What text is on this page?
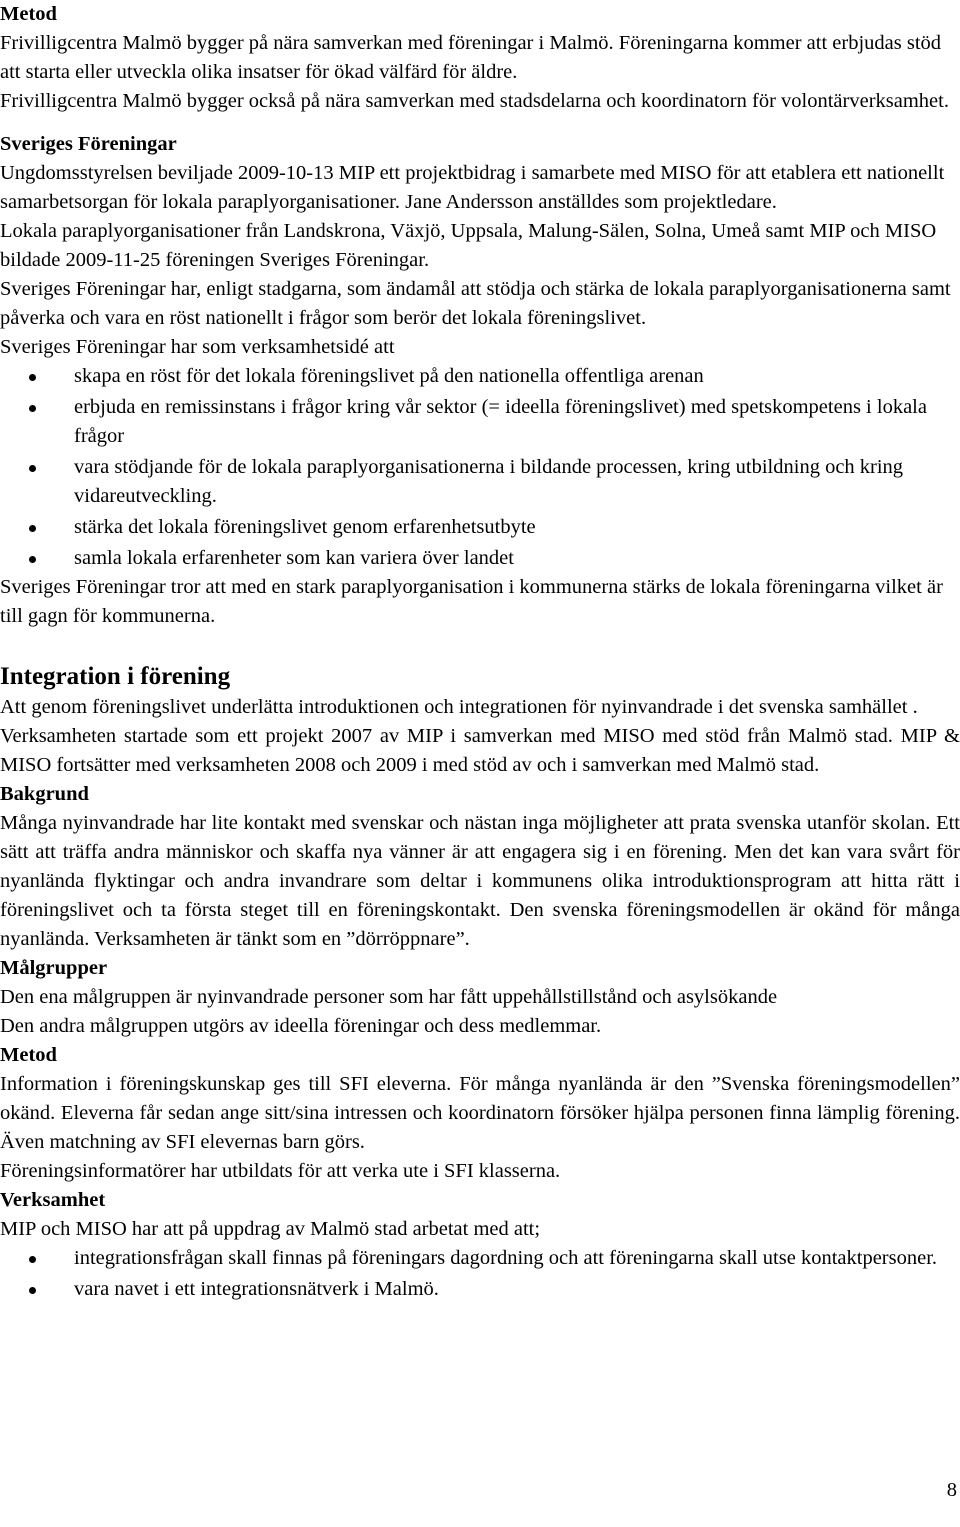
Metod

Frivilligcentra Malmö bygger på nära samverkan med föreningar i Malmö. Föreningarna kommer att erbjudas stöd att starta eller utveckla olika insatser för ökad välfärd för äldre.

Frivilligcentra Malmö bygger också på nära samverkan med stadsdelarna och koordinatorn för volontärverksamhet.

Sveriges Föreningar

Ungdomsstyrelsen beviljade 2009-10-13 MIP ett projektbidrag i samarbete med MISO för att etablera ett nationellt samarbetsorgan för lokala paraplyorganisationer. Jane Andersson anställdes som projektledare.

Lokala paraplyorganisationer från Landskrona, Växjö, Uppsala, Malung-Sälen, Solna, Umeå samt MIP och MISO bildade 2009-11-25 föreningen Sveriges Föreningar.

Sveriges Föreningar har, enligt stadgarna, som ändamål att stödja och stärka de lokala paraplyorganisationerna samt påverka och vara en röst nationellt i frågor som berör det lokala föreningslivet.

Sveriges Föreningar har som verksamhetsidé att

skapa en röst för det lokala föreningslivet på den nationella offentliga arenan
erbjuda en remissinstans i frågor kring vår sektor (= ideella föreningslivet) med spetskompetens i lokala frågor
vara stödjande för de lokala paraplyorganisationerna i bildande processen, kring utbildning och kring vidareutveckling.
stärka det lokala föreningslivet genom erfarenhetsutbyte
samla lokala erfarenheter som kan variera över landet

Sveriges Föreningar tror att med en stark paraplyorganisation i kommunerna stärks de lokala föreningarna vilket är till gagn för kommunerna.

Integration i förening

Att genom föreningslivet underlätta introduktionen och integrationen för nyinvandrade i det svenska samhället .

Verksamheten startade som ett projekt 2007 av MIP i samverkan med MISO med stöd från Malmö stad. MIP & MISO fortsätter med verksamheten 2008 och 2009 i med stöd av och i samverkan med Malmö stad.

Bakgrund

Många nyinvandrade har lite kontakt med svenskar och nästan inga möjligheter att prata svenska utanför skolan. Ett sätt att träffa andra människor och skaffa nya vänner är att engagera sig i en förening. Men det kan vara svårt för nyanlända flyktingar och andra invandrare som deltar i kommunens olika introduktionsprogram att hitta rätt i föreningslivet och ta första steget till en föreningskontakt. Den svenska föreningsmodellen är okänd för många nyanlända. Verksamheten är tänkt som en ”dörröppnare”.

Målgrupper

Den ena målgruppen är nyinvandrade personer som har fått uppehållstillstånd och asylsökande

Den andra målgruppen utgörs av ideella föreningar och dess medlemmar.

Metod

Information i föreningskunskap ges till SFI eleverna. För många nyanlända är den ”Svenska föreningsmodellen” okänd. Eleverna får sedan ange sitt/sina intressen och koordinatorn försöker hjälpa personen finna lämplig förening. Även matchning av SFI elevernas barn görs.

Föreningsinformatörer har utbildats för att verka ute i SFI klasserna.

Verksamhet

MIP och MISO har att på uppdrag av Malmö stad arbetat med att;

integrationsfrågan skall finnas på föreningars dagordning och att föreningarna skall utse kontaktpersoner.
vara navet i ett integrationsnätverk i Malmö.
8
